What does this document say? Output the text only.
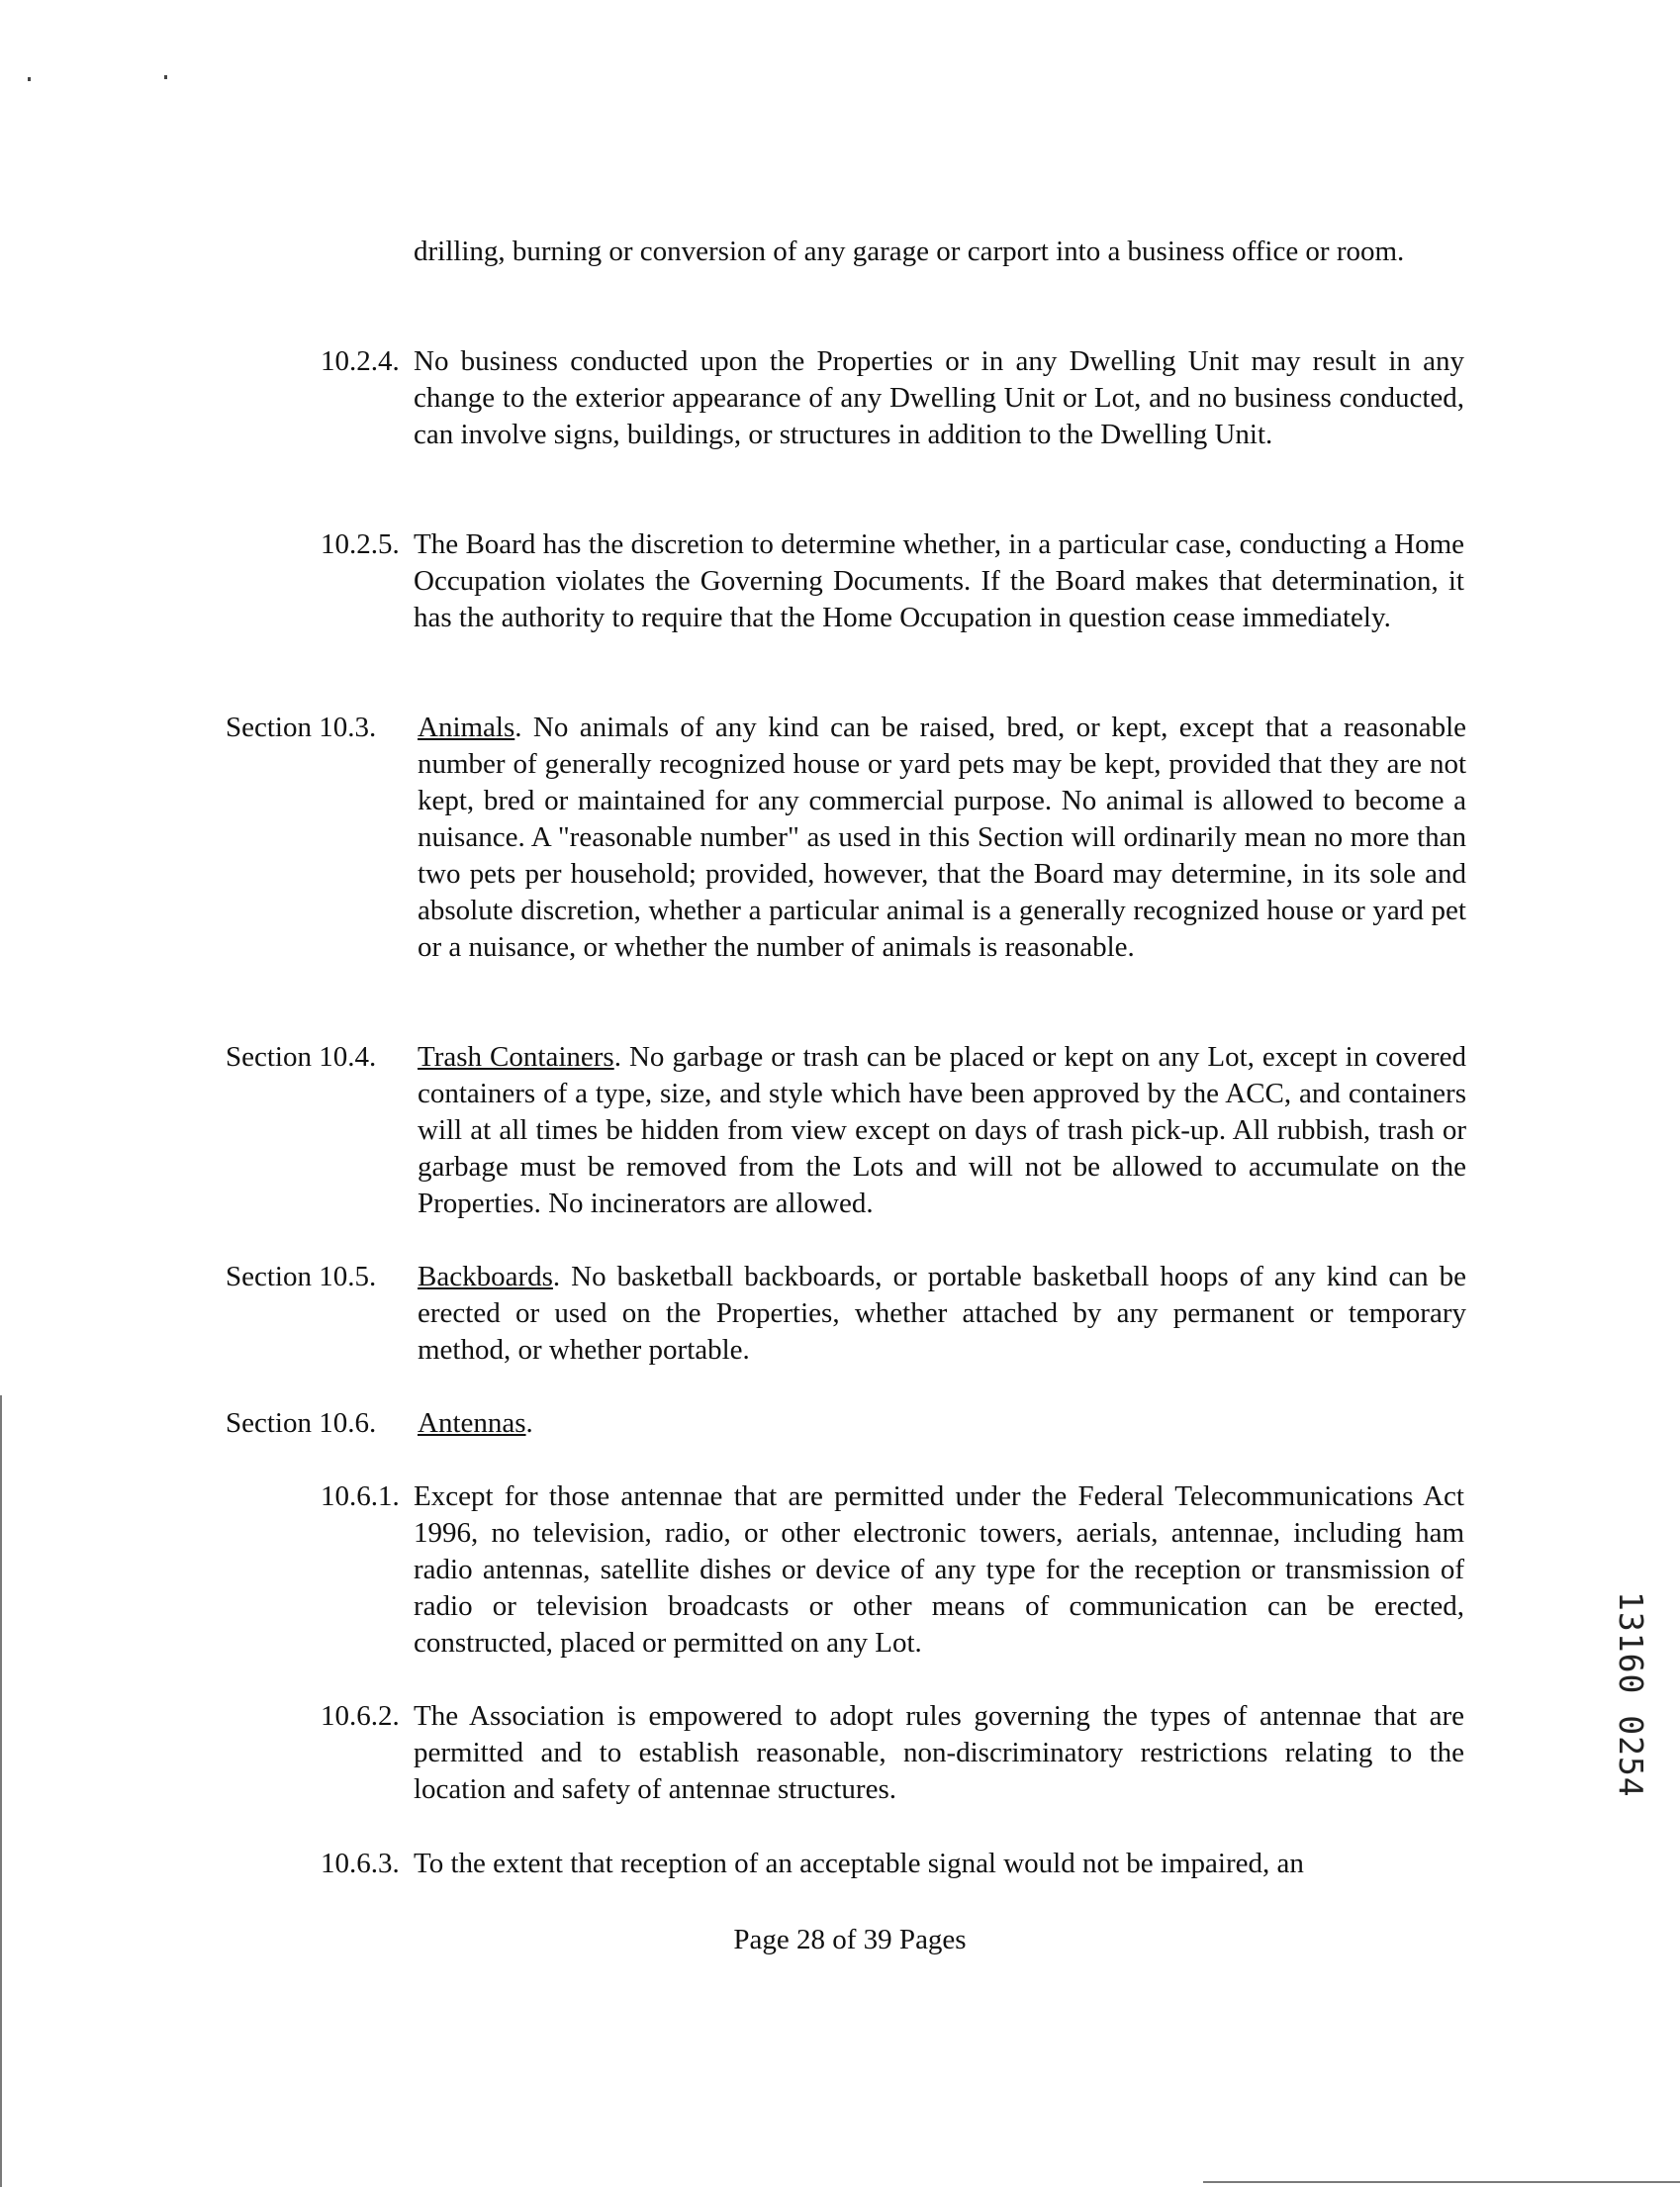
drilling, burning or conversion of any garage or carport into a business office or room.

10.2.4. No business conducted upon the Properties or in any Dwelling Unit may result in any change to the exterior appearance of any Dwelling Unit or Lot, and no business conducted, can involve signs, buildings, or structures in addition to the Dwelling Unit.

10.2.5. The Board has the discretion to determine whether, in a particular case, conducting a Home Occupation violates the Governing Documents. If the Board makes that determination, it has the authority to require that the Home Occupation in question cease immediately.

Section 10.3. Animals. No animals of any kind can be raised, bred, or kept, except that a reasonable number of generally recognized house or yard pets may be kept, provided that they are not kept, bred or maintained for any commercial purpose. No animal is allowed to become a nuisance. A "reasonable number" as used in this Section will ordinarily mean no more than two pets per household; provided, however, that the Board may determine, in its sole and absolute discretion, whether a particular animal is a generally recognized house or yard pet or a nuisance, or whether the number of animals is reasonable.

Section 10.4. Trash Containers. No garbage or trash can be placed or kept on any Lot, except in covered containers of a type, size, and style which have been approved by the ACC, and containers will at all times be hidden from view except on days of trash pick-up. All rubbish, trash or garbage must be removed from the Lots and will not be allowed to accumulate on the Properties. No incinerators are allowed.

Section 10.5. Backboards. No basketball backboards, or portable basketball hoops of any kind can be erected or used on the Properties, whether attached by any permanent or temporary method, or whether portable.

Section 10.6. Antennas.

10.6.1. Except for those antennae that are permitted under the Federal Telecommunications Act 1996, no television, radio, or other electronic towers, aerials, antennae, including ham radio antennas, satellite dishes or device of any type for the reception or transmission of radio or television broadcasts or other means of communication can be erected, constructed, placed or permitted on any Lot.

10.6.2. The Association is empowered to adopt rules governing the types of antennae that are permitted and to establish reasonable, non-discriminatory restrictions relating to the location and safety of antennae structures.

10.6.3. To the extent that reception of an acceptable signal would not be impaired, an

Page 28 of 39 Pages
13160 0254
